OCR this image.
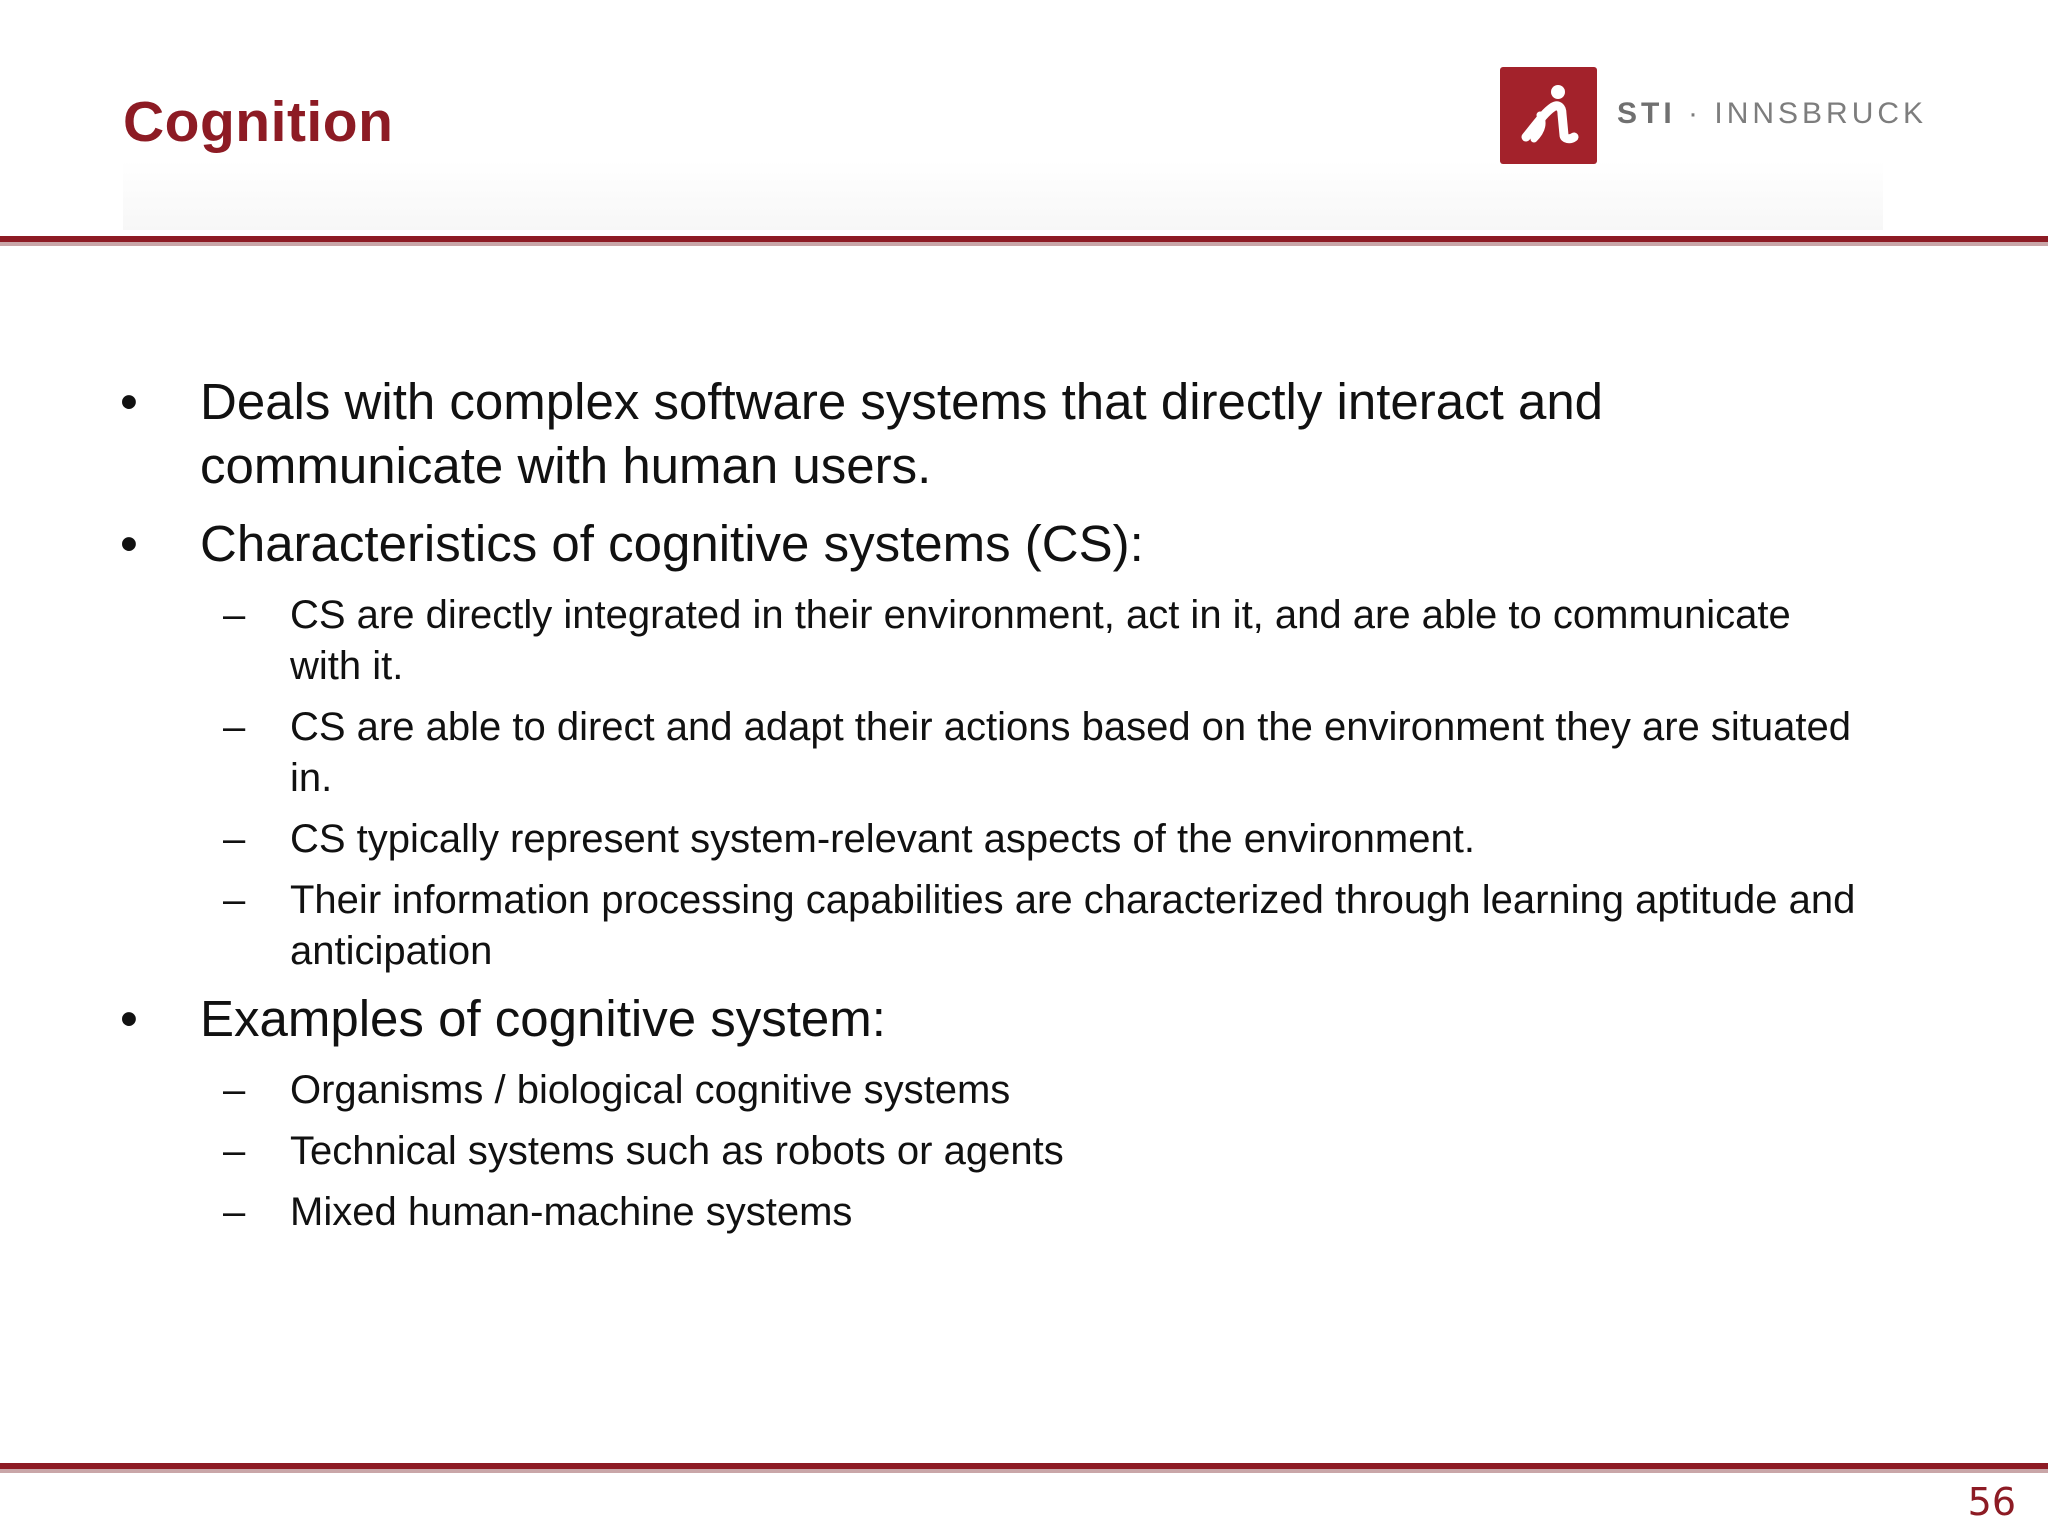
Cognition	STI · INNSBRUCK
• Deals with complex software systems that directly interact and communicate with human users.
• Characteristics of cognitive systems (CS):
– CS are directly integrated in their environment, act in it, and are able to communicate with it.
– CS are able to direct and adapt their actions based on the environment they are situated in.
– CS typically represent system-relevant aspects of the environment.
– Their information processing capabilities are characterized through learning aptitude and anticipation
• Examples of cognitive system:
– Organisms / biological cognitive systems
– Technical systems such as robots or agents
– Mixed human-machine systems
56
